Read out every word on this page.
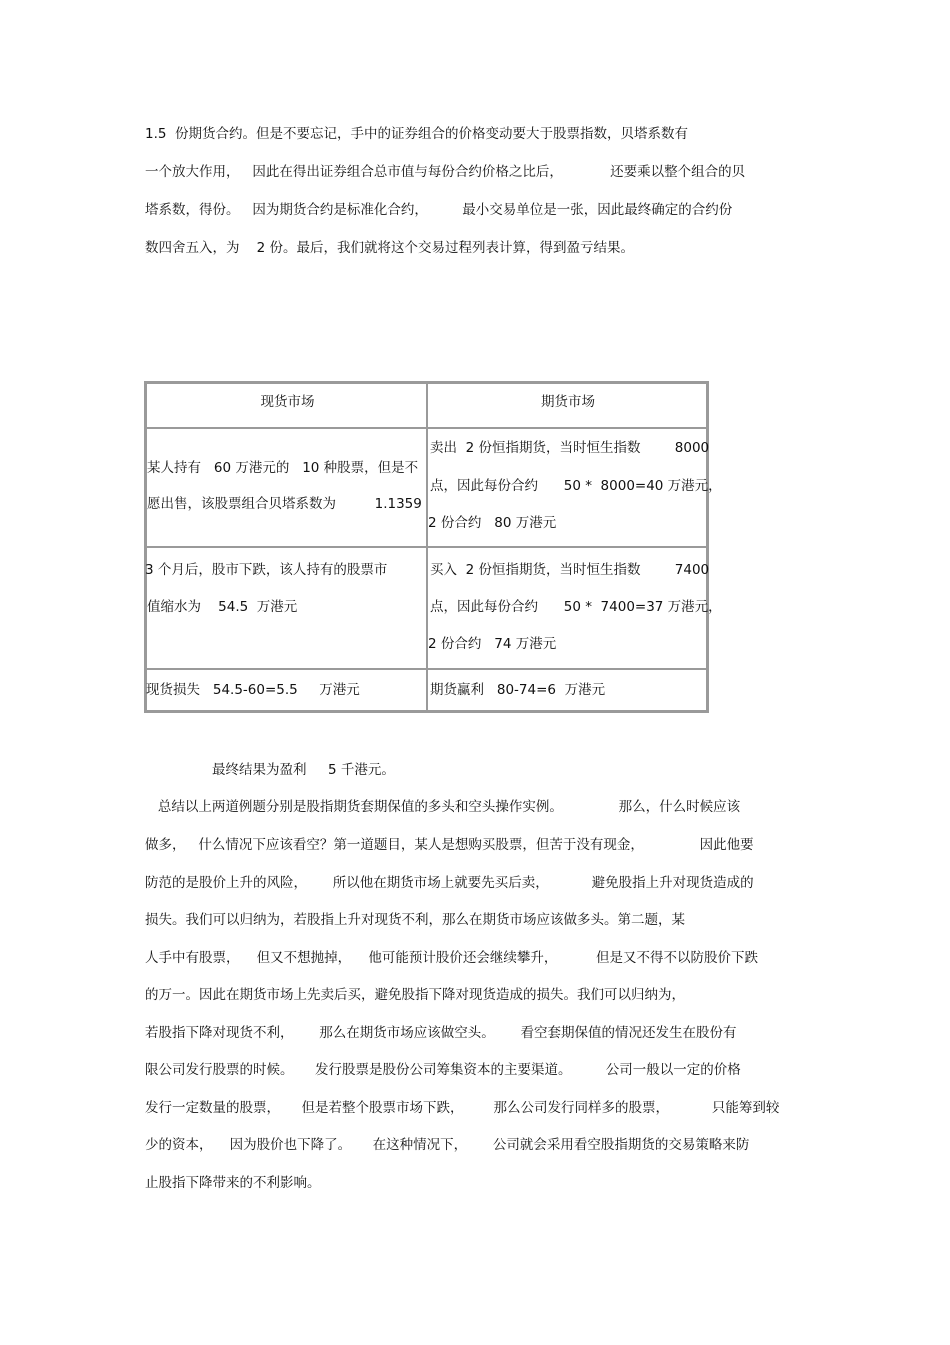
1.5  份期货合约。但是不要忘记，手中的证券组合的价格变动要大于股票指数，贝塔系数有

一个放大作用，   因此在得出证券组合总市值与每份合约价格之比后，           还要乘以整个组合的贝

塔系数，得份。   因为期货合约是标准化合约，        最小交易单位是一张，因此最终确定的合约份

数四舍五入，为    2 份。最后，我们就将这个交易过程列表计算，得到盈亏结果。

现货市场	期货市场

某人持有   60 万港元的   10 种股票，但是不

愿出售，该股票组合贝塔系数为         1.1359

卖出  2 份恒指期货，当时恒生指数        8000

点，因此每份合约      50 *  8000=40 万港元，

2 份合约   80 万港元

3 个月后，股市下跌，该人持有的股票市

值缩水为    54.5  万港元

买入  2 份恒指期货，当时恒生指数        7400

点，因此每份合约      50 *  7400=37 万港元，

2 份合约   74 万港元

现货损失   54.5-60=5.5     万港元	期货赢利   80-74=6  万港元

最终结果为盈利     5 千港元。

总结以上两道例题分别是股指期货套期保值的多头和空头操作实例。             那么，什么时候应该

做多，   什么情况下应该看空？第一道题目，某人是想购买股票，但苦于没有现金，             因此他要

防范的是股价上升的风险，      所以他在期货市场上就要先买后卖，          避免股指上升对现货造成的

损失。我们可以归纳为，若股指上升对现货不利，那么在期货市场应该做多头。第二题，某

人手中有股票，    但又不想抛掉，    他可能预计股价还会继续攀升，         但是又不得不以防股价下跌

的万一。因此在期货市场上先卖后买，避免股指下降对现货造成的损失。我们可以归纳为，

若股指下降对现货不利，      那么在期货市场应该做空头。      看空套期保值的情况还发生在股份有

限公司发行股票的时候。     发行股票是股份公司筹集资本的主要渠道。        公司一般以一定的价格

发行一定数量的股票，     但是若整个股票市场下跌，       那么公司发行同样多的股票，          只能筹到较

少的资本，    因为股价也下降了。     在这种情况下，      公司就会采用看空股指期货的交易策略来防

止股指下降带来的不利影响。
